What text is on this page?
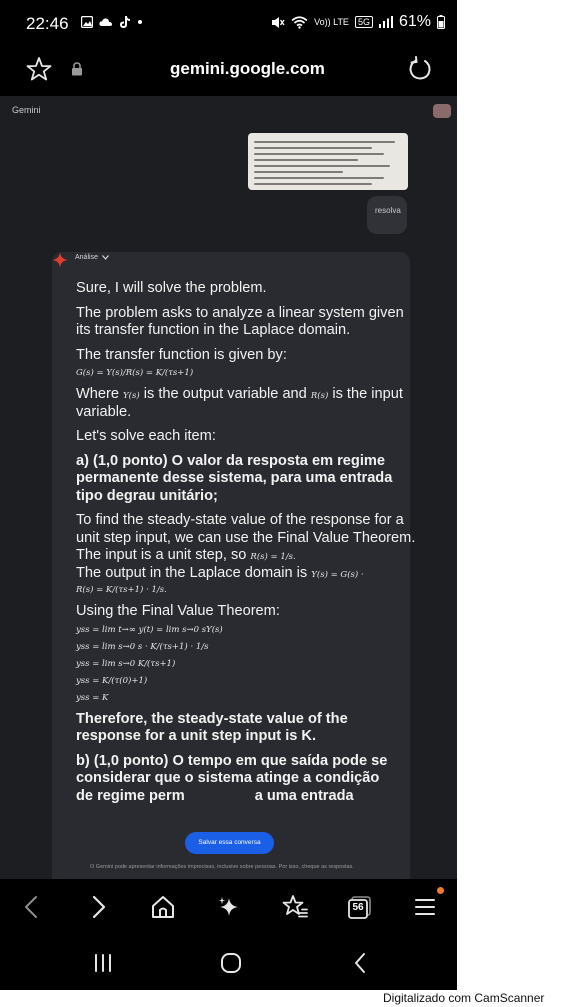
22:46	Vo)) LTE	5G 61%
gemini.google.com
Gemini
resolva
Análise

Sure, I will solve the problem.

The problem asks to analyze a linear system given its transfer function in the Laplace domain.

The transfer function is given by:

G(s) = Y(s)/R(s) = K/(τs+1)

Where Y(s) is the output variable and R(s) is the input variable.

Let's solve each item:

a) (1,0 ponto) O valor da resposta em regime permanente desse sistema, para uma entrada tipo degrau unitário;

To find the steady-state value of the response for a unit step input, we can use the Final Value Theorem.

The input is a unit step, so R(s) = 1/s.

The output in the Laplace domain is Y(s) = G(s) ·

R(s) = K/(τs+1) · 1/s.

Using the Final Value Theorem:

yss = lim t→∞ y(t) = lim s→0 sY(s)
yss = lim s→0 s · K/(τs+1) · 1/s
yss = lim s→0 K/(τs+1)
yss = K/(τ(0)+1)
yss = K

Therefore, the steady-state value of the response for a unit step input is K.

b) (1,0 ponto) O tempo em que saída pode se considerar que o sistema atinge a condição

de regime perm	a uma entrada

Salvar essa conversa
O Gemini pode apresentar informações imprecisas, inclusive sobre pessoas. Por isso, cheque as respostas.
56
Digitalizado com CamScanner
